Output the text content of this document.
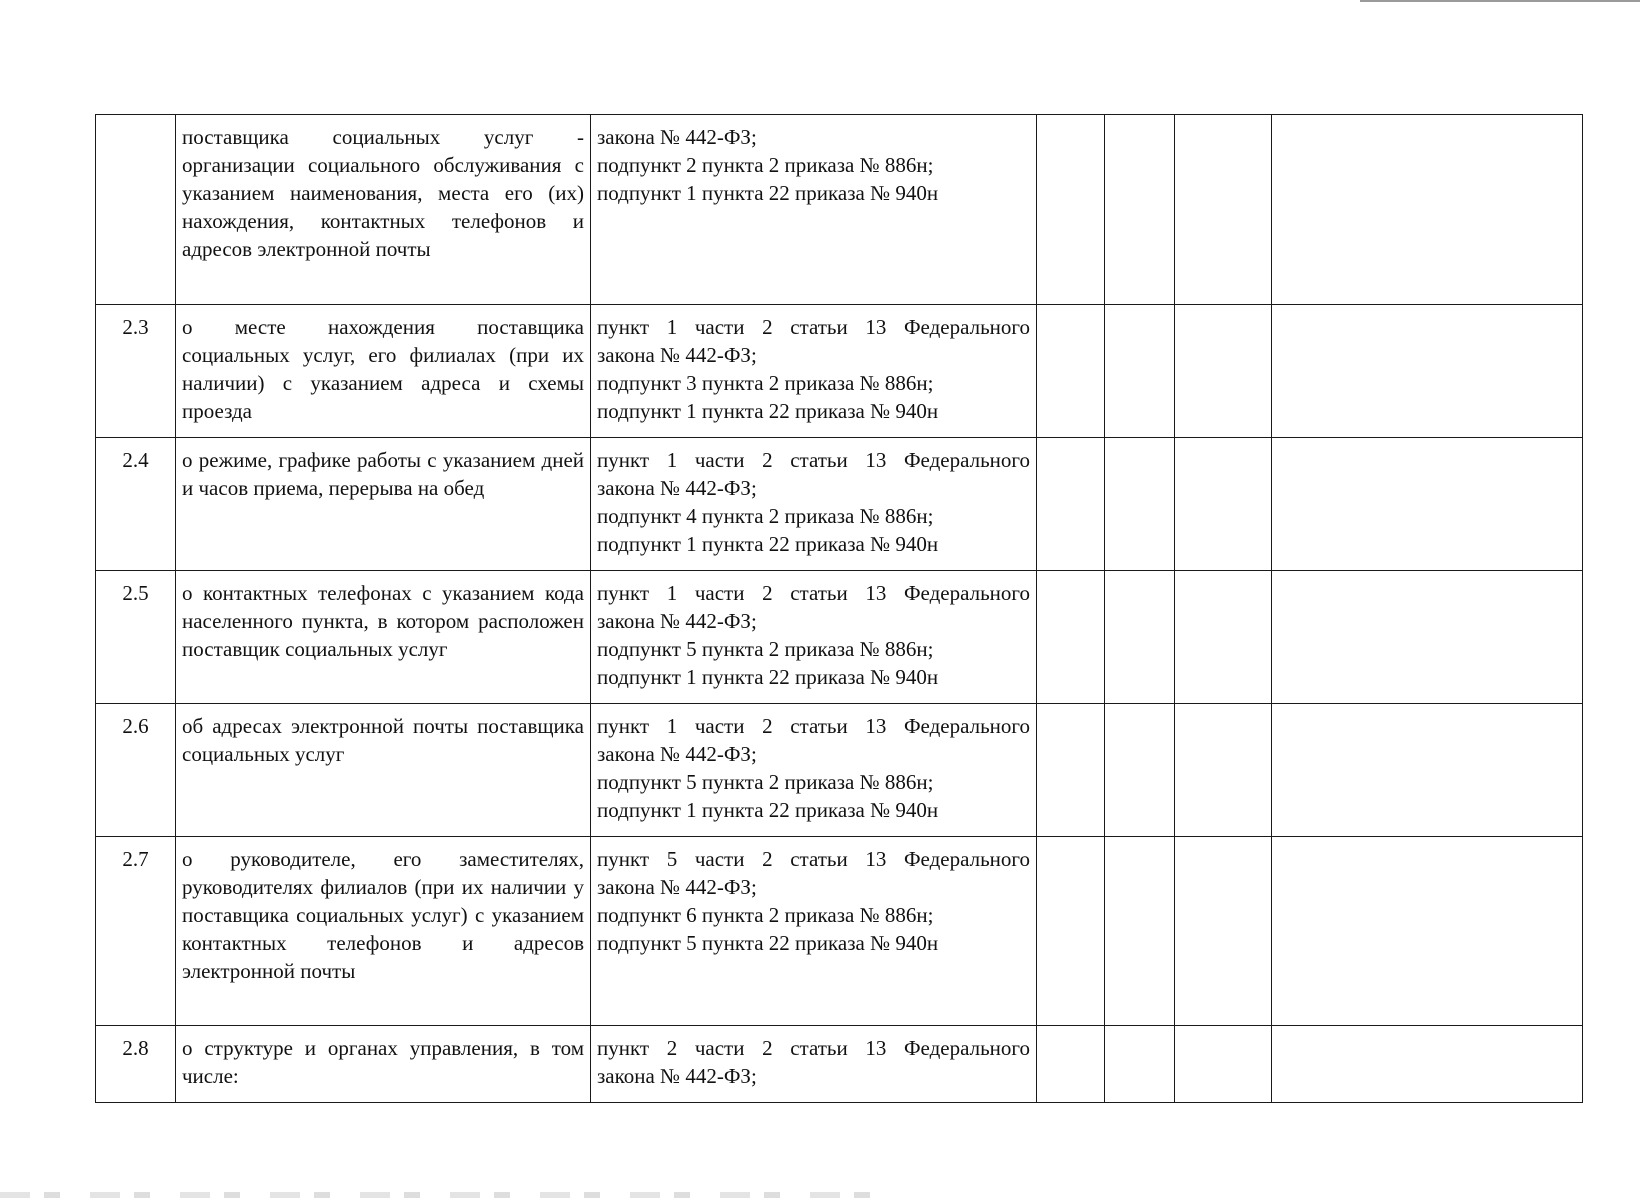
	поставщика социальных услуг - организации социального обслуживания с указанием наименования, места его (их) нахождения, контактных телефонов и адресов электронной почты	закона № 442-ФЗ;
подпункт 2 пункта 2 приказа № 886н;
подпункт 1 пункта 22 приказа № 940н				

2.3	о месте нахождения поставщика социальных услуг, его филиалах (при их наличии) с указанием адреса и схемы проезда	пункт 1 части 2 статьи 13 Федерального
закона № 442-ФЗ;
подпункт 3 пункта 2 приказа № 886н;
подпункт 1 пункта 22 приказа № 940н				

2.4	о режиме, графике работы с указанием дней и часов приема, перерыва на обед	пункт 1 части 2 статьи 13 Федерального
закона № 442-ФЗ;
подпункт 4 пункта 2 приказа № 886н;
подпункт 1 пункта 22 приказа № 940н				

2.5	о контактных телефонах с указанием кода населенного пункта, в котором расположен поставщик социальных услуг	пункт 1 части 2 статьи 13 Федерального
закона № 442-ФЗ;
подпункт 5 пункта 2 приказа № 886н;
подпункт 1 пункта 22 приказа № 940н				

2.6	об адресах электронной почты поставщика социальных услуг	пункт 1 части 2 статьи 13 Федерального
закона № 442-ФЗ;
подпункт 5 пункта 2 приказа № 886н;
подпункт 1 пункта 22 приказа № 940н				

2.7	о руководителе, его заместителях, руководителях филиалов (при их наличии у поставщика социальных услуг) с указанием контактных телефонов и адресов электронной почты	пункт 5 части 2 статьи 13 Федерального
закона № 442-ФЗ;
подпункт 6 пункта 2 приказа № 886н;
подпункт 5 пункта 22 приказа № 940н				

2.8	о структуре и органах управления, в том числе:	пункт 2 части 2 статьи 13 Федерального
закона № 442-ФЗ;				
